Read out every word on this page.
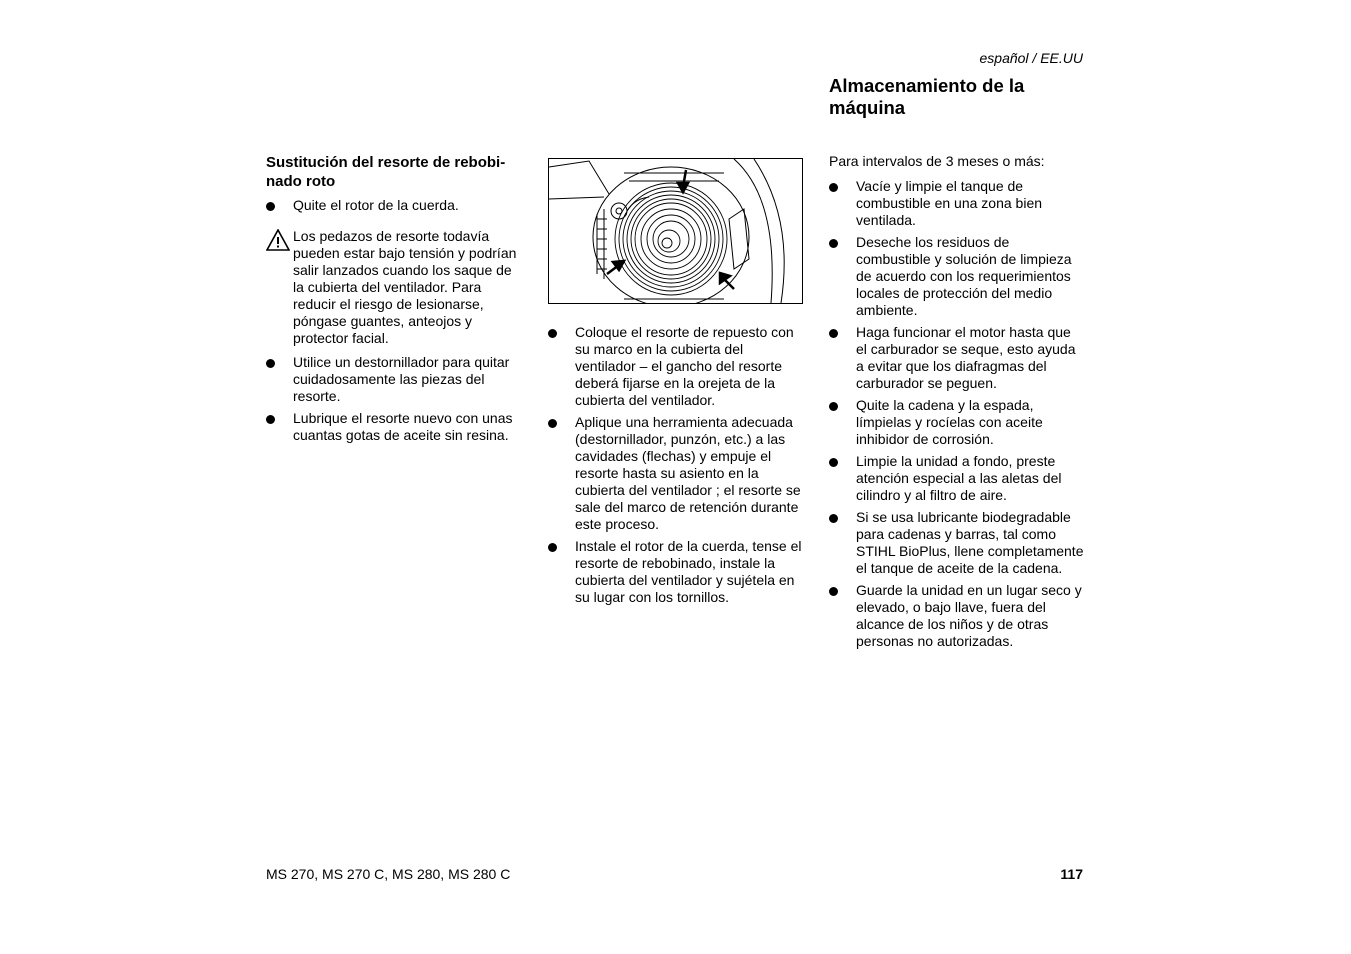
español / EE.UU
Almacenamiento de la
máquina
Sustitución del resorte de rebobi-
nado roto
Quite el rotor de la cuerda.
Los pedazos de resorte todavía pueden estar bajo tensión y podrían salir lanzados cuando los saque de la cubierta del ventilador. Para reducir el riesgo de lesionarse, póngase guantes, anteojos y protector facial.
Utilice un destornillador para quitar cuidadosamente las piezas del resorte.
Lubrique el resorte nuevo con unas cuantas gotas de aceite sin resina.
Coloque el resorte de repuesto con su marco en la cubierta del ventilador – el gancho del resorte deberá fijarse en la orejeta de la cubierta del ventilador.
Aplique una herramienta adecuada (destornillador, punzón, etc.) a las cavidades (flechas) y empuje el resorte hasta su asiento en la cubierta del ventilador ; el resorte se sale del marco de retención durante este proceso.
Instale el rotor de la cuerda, tense el resorte de rebobinado, instale la cubierta del ventilador y sujétela en su lugar con los tornillos.
Para intervalos de 3 meses o más:
Vacíe y limpie el tanque de combustible en una zona bien ventilada.
Deseche los residuos de combustible y solución de limpieza de acuerdo con los requerimientos locales de protección del medio ambiente.
Haga funcionar el motor hasta que el carburador se seque, esto ayuda a evitar que los diafragmas del carburador se peguen.
Quite la cadena y la espada, límpielas y rocíelas con aceite inhibidor de corrosión.
Limpie la unidad a fondo, preste atención especial a las aletas del cilindro y al filtro de aire.
Si se usa lubricante biodegradable para cadenas y barras, tal como STIHL BioPlus, llene completamente el tanque de aceite de la cadena.
Guarde la unidad en un lugar seco y elevado, o bajo llave, fuera del alcance de los niños y de otras personas no autorizadas.
MS 270, MS 270 C, MS 280, MS 280 C	117
